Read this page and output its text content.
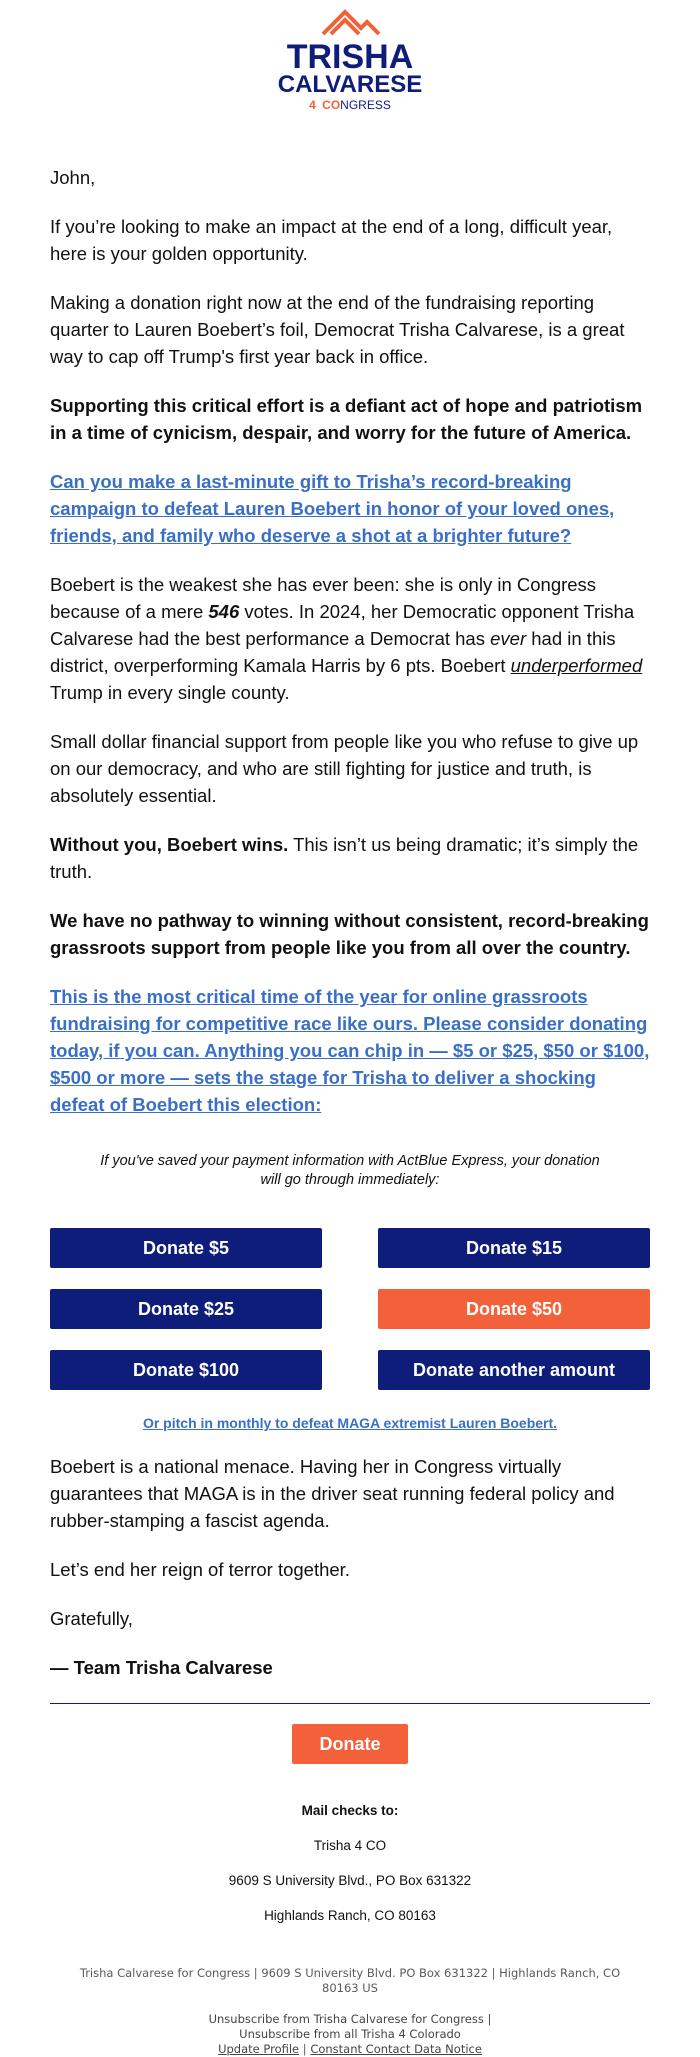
TRISHA
CALVARESE
4 CONGRESS

John,

If you’re looking to make an impact at the end of a long, difficult year, here is your golden opportunity.

Making a donation right now at the end of the fundraising reporting quarter to Lauren Boebert’s foil, Democrat Trisha Calvarese, is a great way to cap off Trump's first year back in office.

Supporting this critical effort is a defiant act of hope and patriotism in a time of cynicism, despair, and worry for the future of America.

Can you make a last-minute gift to Trisha’s record-breaking campaign to defeat Lauren Boebert in honor of your loved ones, friends, and family who deserve a shot at a brighter future?

Boebert is the weakest she has ever been: she is only in Congress because of a mere 546 votes. In 2024, her Democratic opponent Trisha Calvarese had the best performance a Democrat has ever had in this district, overperforming Kamala Harris by 6 pts. Boebert underperformed Trump in every single county.

Small dollar financial support from people like you who refuse to give up on our democracy, and who are still fighting for justice and truth, is absolutely essential.

Without you, Boebert wins. This isn’t us being dramatic; it’s simply the truth.

We have no pathway to winning without consistent, record-breaking grassroots support from people like you from all over the country.

This is the most critical time of the year for online grassroots fundraising for competitive race like ours. Please consider donating today, if you can. Anything you can chip in — $5 or $25, $50 or $100, $500 or more — sets the stage for Trisha to deliver a shocking defeat of Boebert this election:

If you've saved your payment information with ActBlue Express, your donation will go through immediately:
Donate $5	Donate $15
Donate $25	Donate $50
Donate $100	Donate another amount
Or pitch in monthly to defeat MAGA extremist Lauren Boebert.

Boebert is a national menace. Having her in Congress virtually guarantees that MAGA is in the driver seat running federal policy and rubber-stamping a fascist agenda.

Let’s end her reign of terror together.

Gratefully,

— Team Trisha Calvarese

Donate
Mail checks to:
Trisha 4 CO
9609 S University Blvd., PO Box 631322
Highlands Ranch, CO 80163
Trisha Calvarese for Congress | 9609 S University Blvd. PO Box 631322 | Highlands Ranch, CO 80163 US
Unsubscribe from Trisha Calvarese for Congress |
Unsubscribe from all Trisha 4 Colorado
Update Profile | Constant Contact Data Notice
